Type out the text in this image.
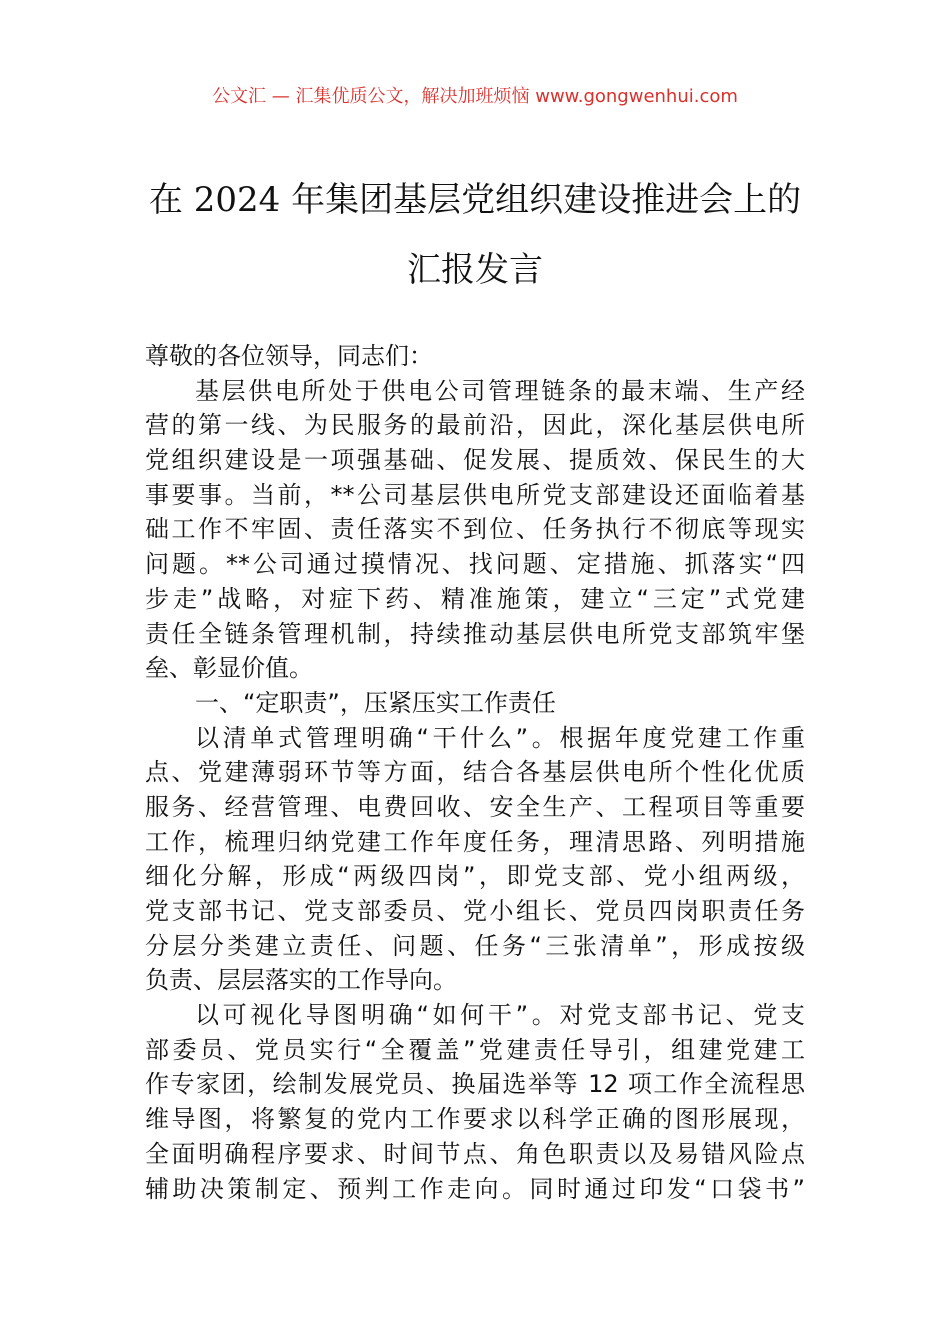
公文汇 — 汇集优质公文，解决加班烦恼 www.gongwenhui.com
在 2024 年集团基层党组织建设推进会上的
汇报发言
尊敬的各位领导，同志们：
基层供电所处于供电公司管理链条的最末端、生产经
营的第一线、为民服务的最前沿，因此，深化基层供电所
党组织建设是一项强基础、促发展、提质效、保民生的大
事要事。当前，**公司基层供电所党支部建设还面临着基
础工作不牢固、责任落实不到位、任务执行不彻底等现实
问题。**公司通过摸情况、找问题、定措施、抓落实“四
步走”战略，对症下药、精准施策，建立“三定”式党建
责任全链条管理机制，持续推动基层供电所党支部筑牢堡
垒、彰显价值。
一、“定职责”，压紧压实工作责任
以清单式管理明确“干什么”。根据年度党建工作重
点、党建薄弱环节等方面，结合各基层供电所个性化优质
服务、经营管理、电费回收、安全生产、工程项目等重要
工作，梳理归纳党建工作年度任务，理清思路、列明措施
细化分解，形成“两级四岗”，即党支部、党小组两级，
党支部书记、党支部委员、党小组长、党员四岗职责任务
分层分类建立责任、问题、任务“三张清单”，形成按级
负责、层层落实的工作导向。
以可视化导图明确“如何干”。对党支部书记、党支
部委员、党员实行“全覆盖”党建责任导引，组建党建工
作专家团，绘制发展党员、换届选举等 12 项工作全流程思
维导图，将繁复的党内工作要求以科学正确的图形展现，
全面明确程序要求、时间节点、角色职责以及易错风险点
辅助决策制定、预判工作走向。同时通过印发“口袋书”
